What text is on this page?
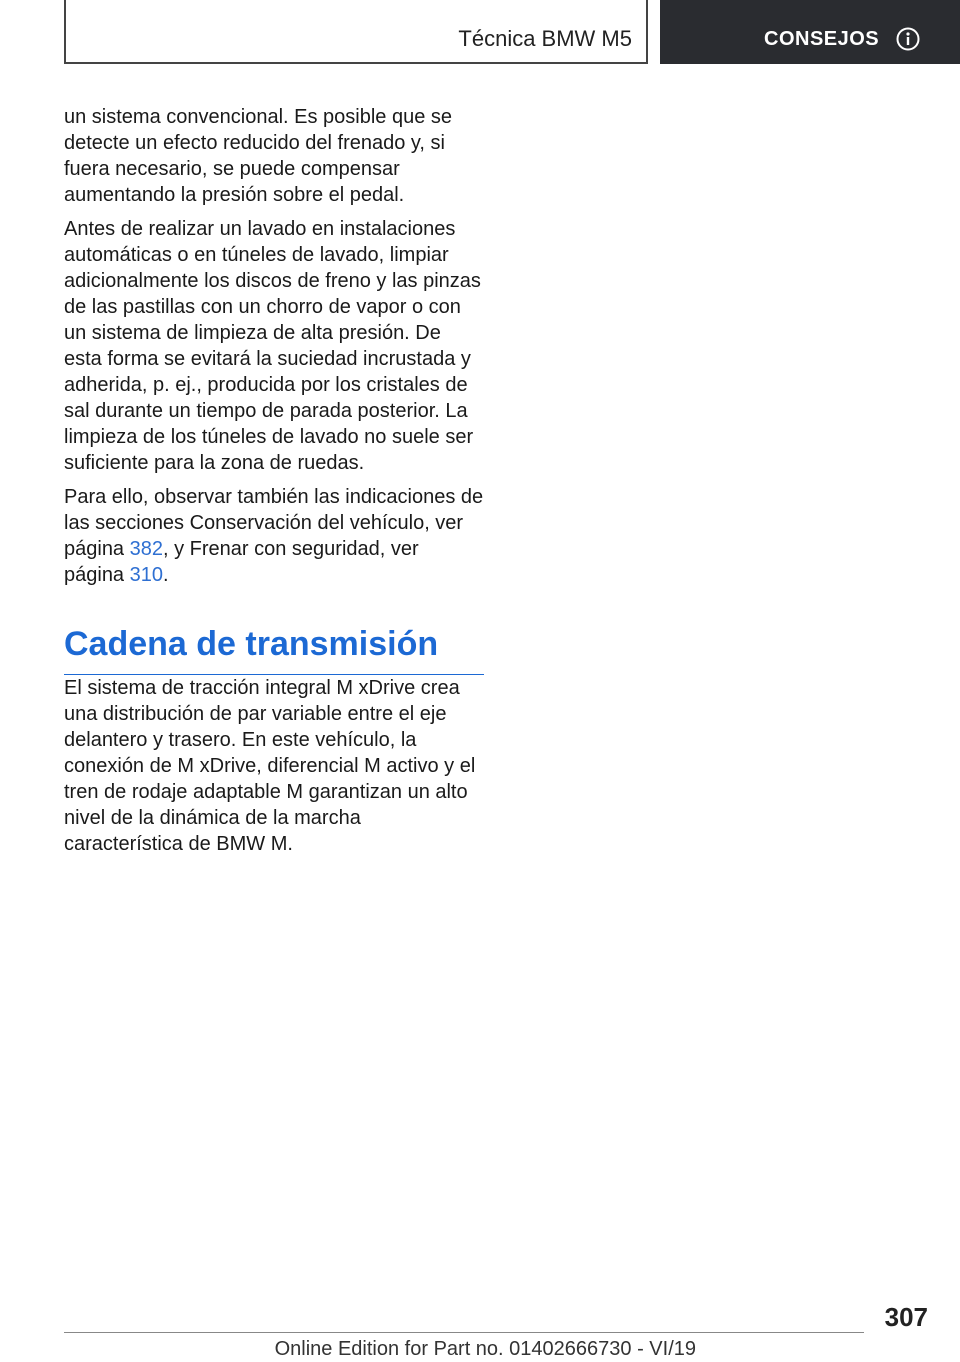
Técnica BMW M5	CONSEJOS

un sistema convencional. Es posible que se detecte un efecto reducido del frenado y, si fuera necesario, se puede compensar aumentando la presión sobre el pedal.

Antes de realizar un lavado en instalaciones automáticas o en túneles de lavado, limpiar adicionalmente los discos de freno y las pinzas de las pastillas con un chorro de vapor o con un sistema de limpieza de alta presión. De esta forma se evitará la suciedad incrustada y adherida, p. ej., producida por los cristales de sal durante un tiempo de parada posterior. La limpieza de los túneles de lavado no suele ser suficiente para la zona de ruedas.

Para ello, observar también las indicaciones de las secciones Conservación del vehículo, ver página 382, y Frenar con seguridad, ver página 310.

Cadena de transmisión

El sistema de tracción integral M xDrive crea una distribución de par variable entre el eje delantero y trasero. En este vehículo, la conexión de M xDrive, diferencial M activo y el tren de rodaje adaptable M garantizan un alto nivel de la dinámica de la marcha característica de BMW M.

307
Online Edition for Part no. 01402666730 - VI/19
